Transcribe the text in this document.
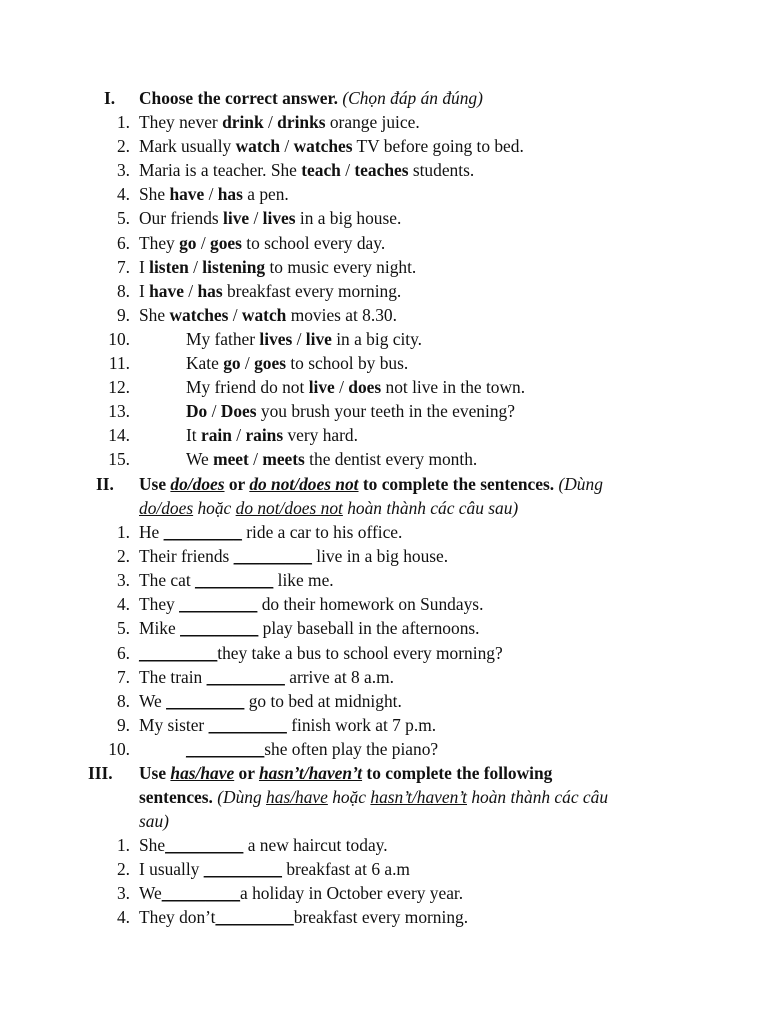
I. Choose the correct answer. (Chọn đáp án đúng)
1. They never drink / drinks orange juice.
2. Mark usually watch / watches TV before going to bed.
3. Maria is a teacher. She teach / teaches students.
4. She have / has a pen.
5. Our friends live / lives in a big house.
6. They go / goes to school every day.
7. I listen / listening to music every night.
8. I have / has breakfast every morning.
9. She watches / watch movies at 8.30.
10.	My father lives / live in a big city.
11.	Kate go / goes to school by bus.
12.	My friend do not live / does not live in the town.
13.	Do / Does you brush your teeth in the evening?
14.	It rain / rains very hard.
15.	We meet / meets the dentist every month.
II. Use do/does or do not/does not to complete the sentences. (Dùng
do/does hoặc do not/does not hoàn thành các câu sau)
1. He _________ ride a car to his office.
2. Their friends _________ live in a big house.
3. The cat _________ like me.
4. They _________ do their homework on Sundays.
5. Mike _________ play baseball in the afternoons.
6. _________they take a bus to school every morning?
7. The train _________ arrive at 8 a.m.
8. We _________ go to bed at midnight.
9. My sister _________ finish work at 7 p.m.
10.	_________she often play the piano?
III. Use has/have or hasn’t/haven’t to complete the following
sentences. (Dùng has/have hoặc hasn’t/haven’t hoàn thành các câu
sau)
1. She_________ a new haircut today.
2. I usually _________ breakfast at 6 a.m
3. We_________a holiday in October every year.
4. They don’t_________breakfast every morning.
